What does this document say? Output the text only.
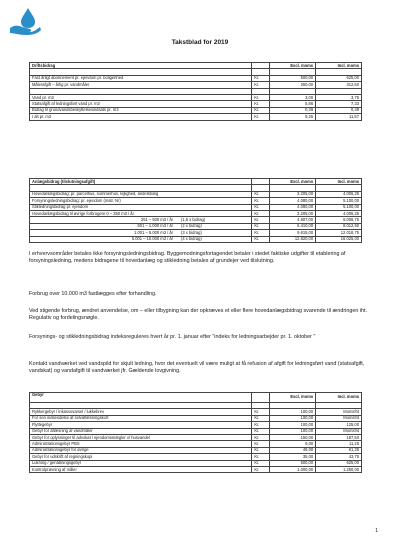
Takstblad for 2019
Driftsbidrag		Excl. moms	Incl. moms

Fast årligt abonnement pr. ejendom pr. boligenhed	Kr.	500,00	625,00
Målerafgift – årlig pr. vandmåler	Kr.	250,00	312,50

Vand pr. m3	Kr.	3,00	3,75
Statsafgift af ledningsført vand pr. m3	Kr.	5,86	7,33
Bidrag til grundvandsbeskyttelsesindsats pr. m3	Kr.	0,39	0,49
I alt pr. m3	Kr.	9,25	11,57
Anlægsbidrag (tilslutningsafgift)			Excl. moms	Incl. moms

Hovedanlægsbidrag: pr. parcelhus, sommerhus, lejlighed, andelsbolig		Kr.	3.205,00	4.006,25
Forsyningsledningsbidrag: pr. ejendom (matr. Nr)		Kr.	4.080,00	5.100,00
Stikledningsbidrag pr. ejendom		Kr.	4.080,00	5.100,00
Hovedanlægsbidrag til øvrige forbrugere 0 – 250 m3 / år		Kr.	3.205,00	4.006,25
251 – 500 m3 / år	(1,5 x bidrag)	Kr.	4.807,00	6.008,75
501 – 1.000 m3 / år	(2 x bidrag)	Kr.	6.410,00	8.012,50
1.001 – 5.000 m3 / år	(3 x bidrag)	Kr.	9.615,00	12.018,75
5.001 – 10.000 m3 / år	(4 x bidrag)	Kr.	12.820,00	16.025,00

I erhvervsområder betales ikke forsyningsledningsbidrag. Byggemodningsfortagendet betaler i stedet faktiske udgifter til etablering af forsyningsledning, medens bidragene til hovedanlæg og stikledning betales af grundejer ved tilslutning.

Forbrug over 10.000 m3 fastlægges efter forhandling.

Ved stigende forbrug, ændret anvendelse, om – eller tilbygning kan der opkræves et eller flere hovedanlægsbidrag svarende til ændringen iht. Regulativ og fordelingsnøgle.

Forsynings- og stikledningsbidrag indeksreguleres hvert år pr. 1. januar efter "indeks for ledningsarbejder pr. 1. oktober "

Kontakt vandværket ved vandspild for skjult ledning, hvor det eventuelt vil være muligt at få refusion af afgift for ledningsført vand (statsafgift, vandskat) og vandafgift til vandværket jfr. Gældende lovgivning.

Gebyr		Excl. moms	Incl. moms

Rykkergebyr / inkassovarsel / lukkebrev	Kr.	100,00	Momsfrit
For sen indsendelse af selvaflæsningskort	Kr.	100,00	Momsfrit
Flyttegebyr	Kr.	100,00	125,00
Gebyr for aflæsning af vandmåler	Kr.	100,00	Momsfrit
Gebyr for oplysninger til advokat / ejendomsmægler v/ husvandel	Kr.	150,00	187,50
Administrationsgebyr PBS	Kr.	9,00	11,25
Administrationsgebyr for øvrige	Kr.	49,00	61,25
Gebyr for udskrift af regningskopi	Kr.	35,00	43,75
Lukning / genåbningsgebyr	Kr.	500,00	625,00
Kontrolprøvning af måler	Kr.	1.000,00	1.250,00
1
